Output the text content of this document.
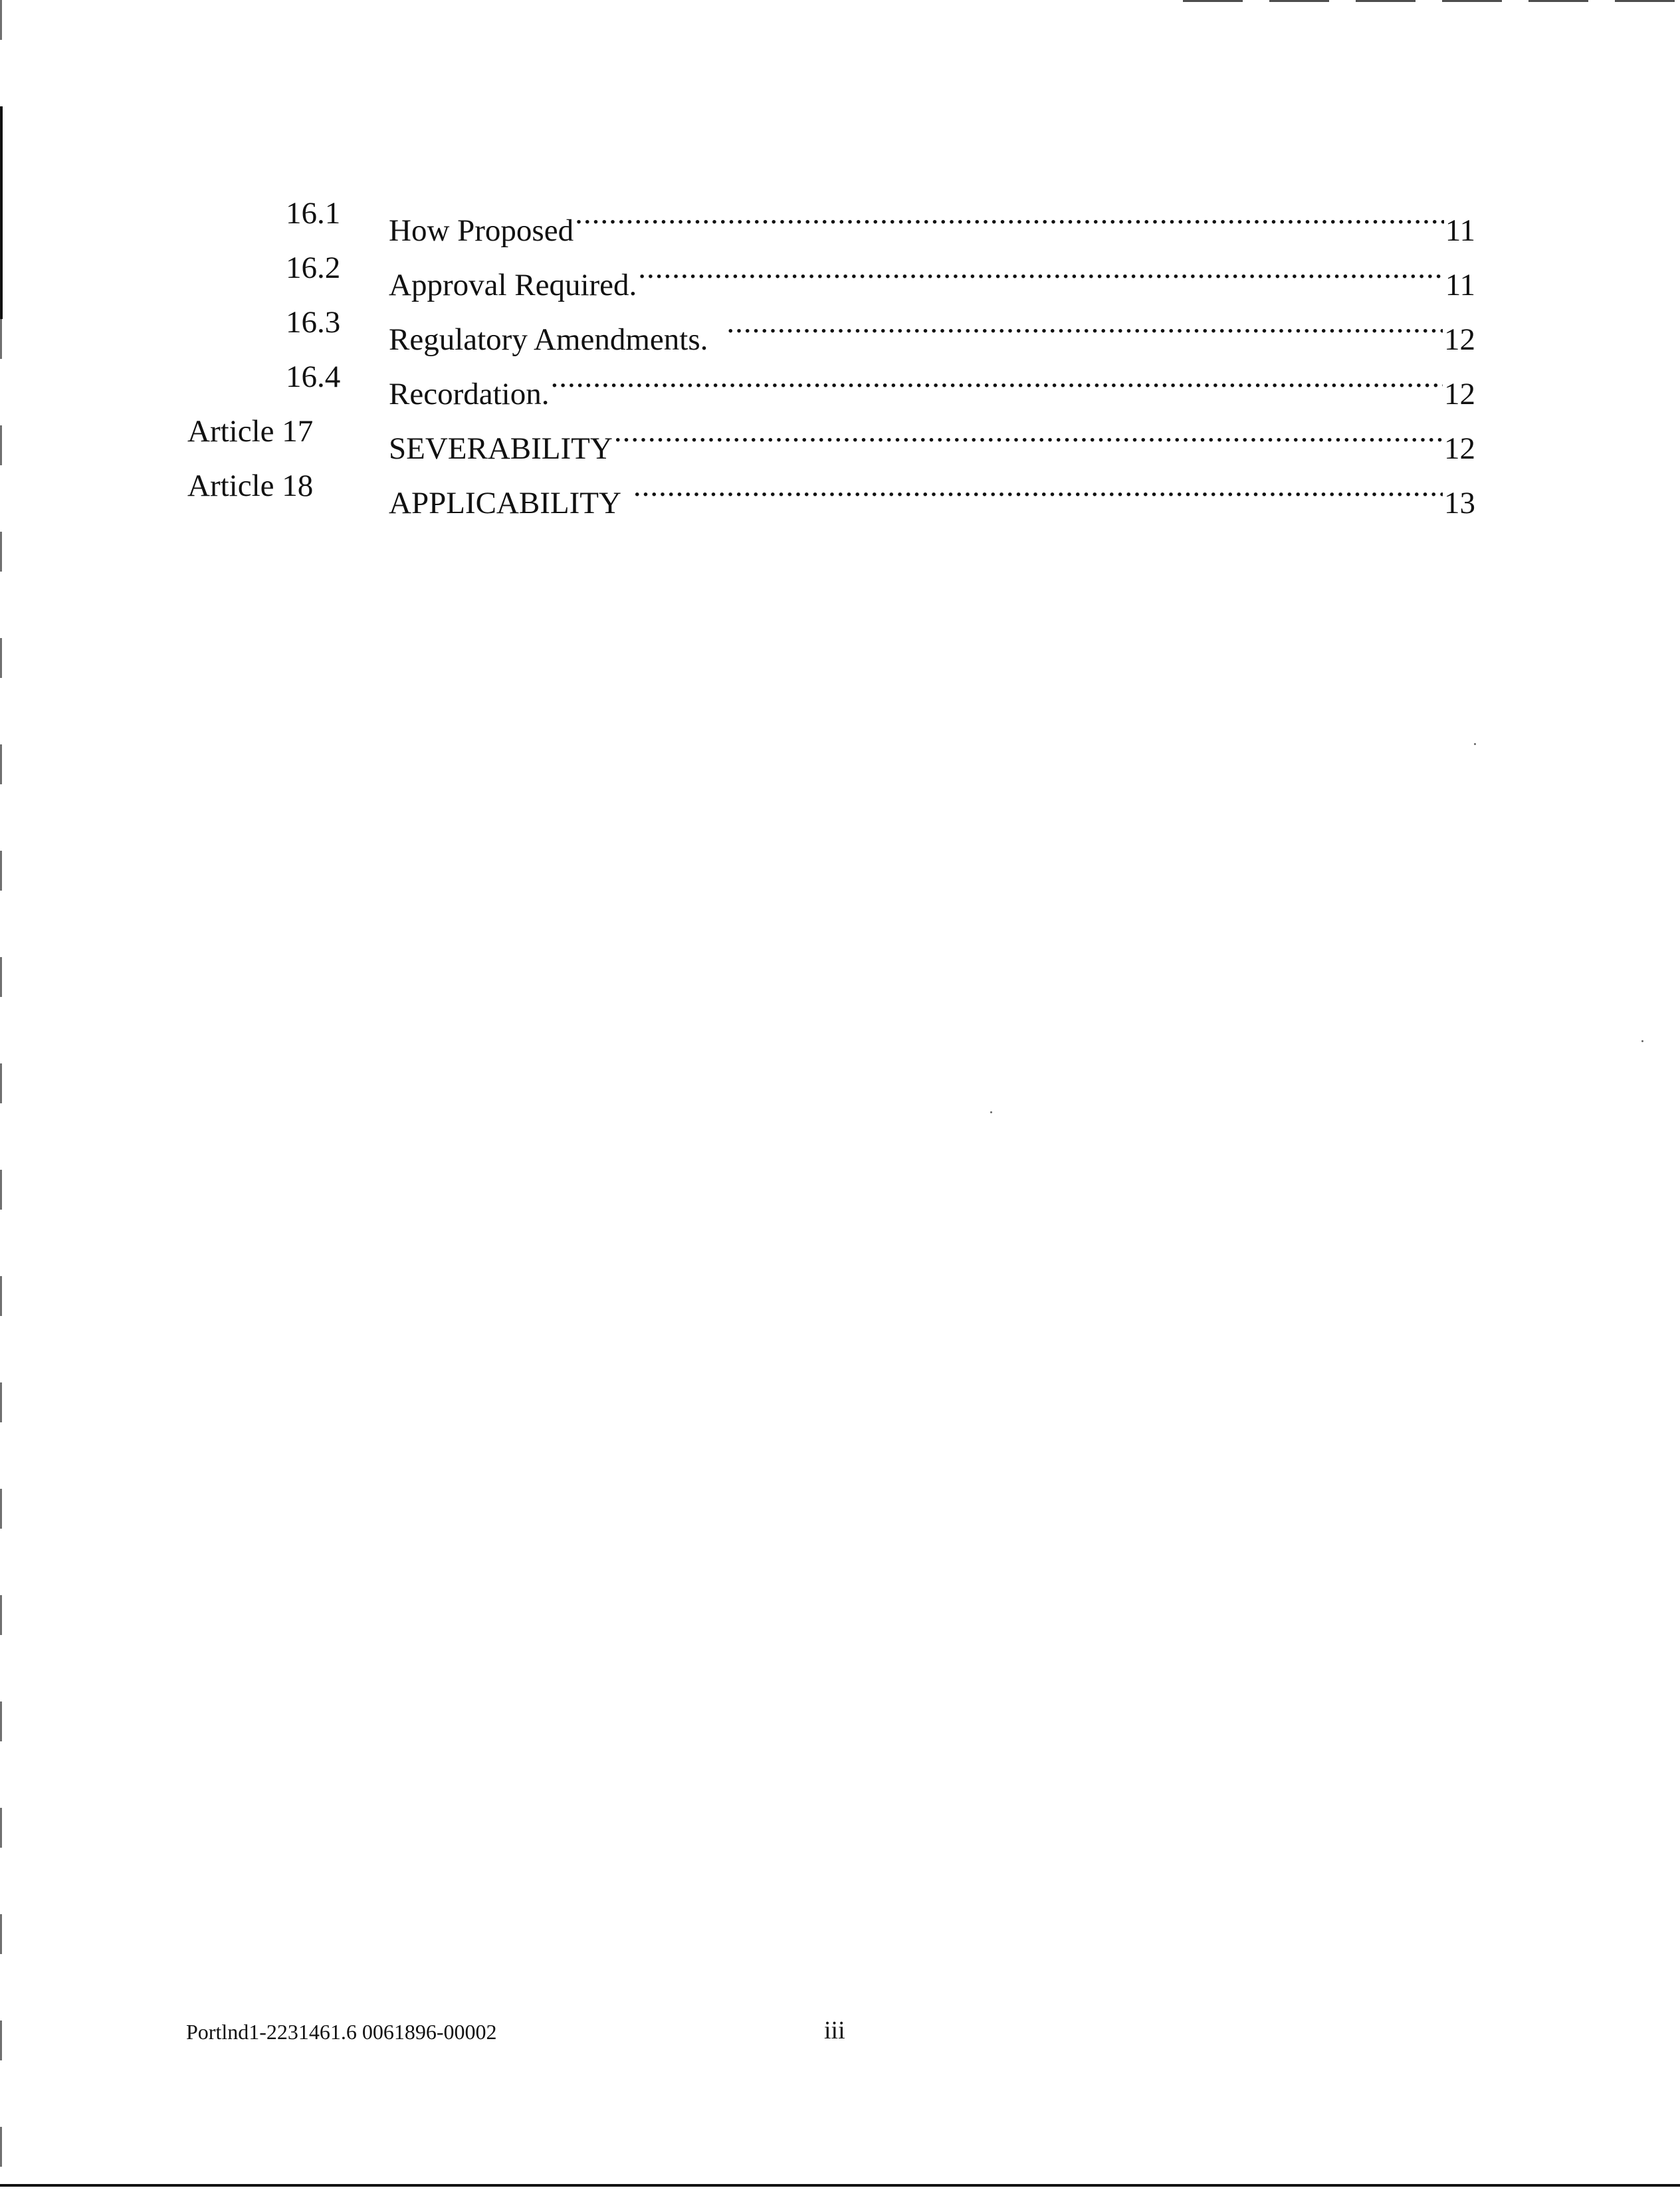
16.1 How Proposed .....	11
16.2 Approval Required. .....	11
16.3 Regulatory Amendments. .....	12
16.4 Recordation. .....	12
Article 17 SEVERABILITY .....	12
Article 18 APPLICABILITY .....	13
Portlnd1-2231461.6 0061896-00002	iii
